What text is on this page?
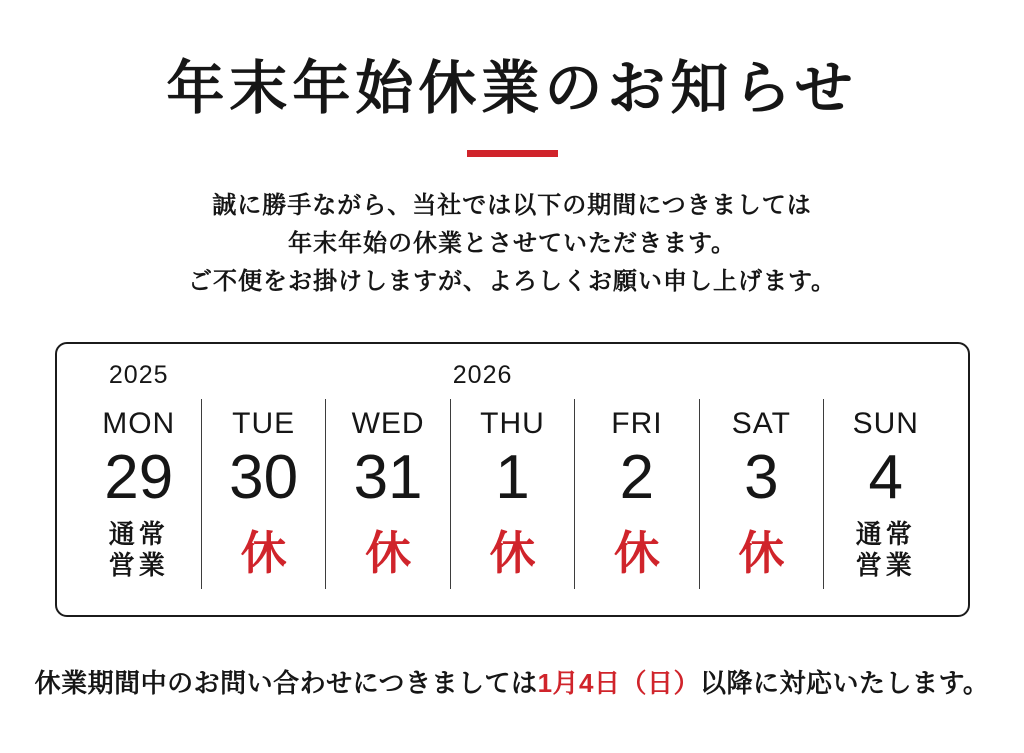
年末年始休業のお知らせ
誠に勝手ながら、当社では以下の期間につきましては
年末年始の休業とさせていただきます。
ご不便をお掛けしますが、よろしくお願い申し上げます。
2025	2026
MON
29
通常営業
TUE
30
休
WED
31
休
THU
1
休
FRI
2
休
SAT
3
休
SUN
4
通常営業
休業期間中のお問い合わせにつきましては1月4日（日）以降に対応いたします。
